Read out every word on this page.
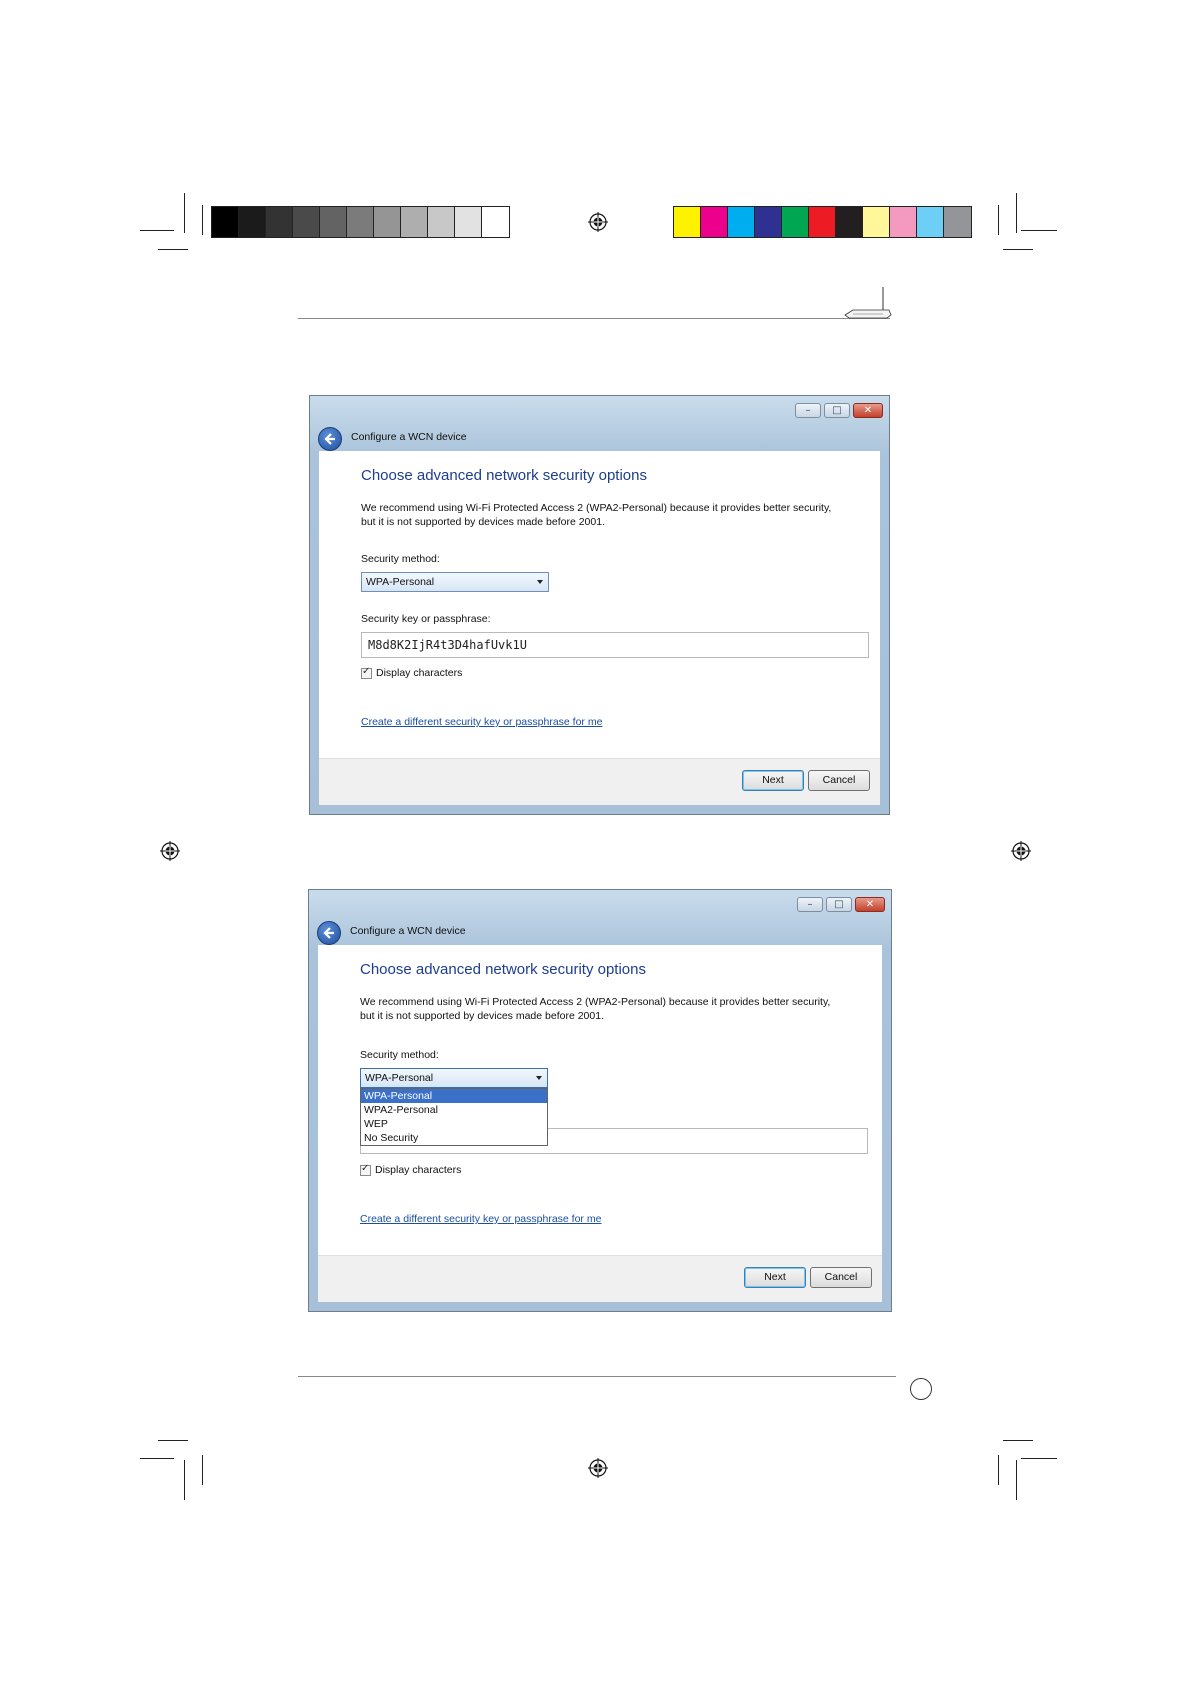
–	□	✕
Configure a WCN device
Choose advanced network security options
We recommend using Wi-Fi Protected Access 2 (WPA2-Personal) because it provides better security, but it is not supported by devices made before 2001.
Security method:
WPA-Personal
Security key or passphrase:
M8d8K2IjR4t3D4hafUvk1U
✓ Display characters
Create a different security key or passphrase for me
Next	Cancel
–	□	✕
Configure a WCN device
Choose advanced network security options
We recommend using Wi-Fi Protected Access 2 (WPA2-Personal) because it provides better security, but it is not supported by devices made before 2001.
Security method:
WPA-Personal
WPA-Personal
WPA2-Personal
WEP
No Security
✓ Display characters
Create a different security key or passphrase for me
Next	Cancel
